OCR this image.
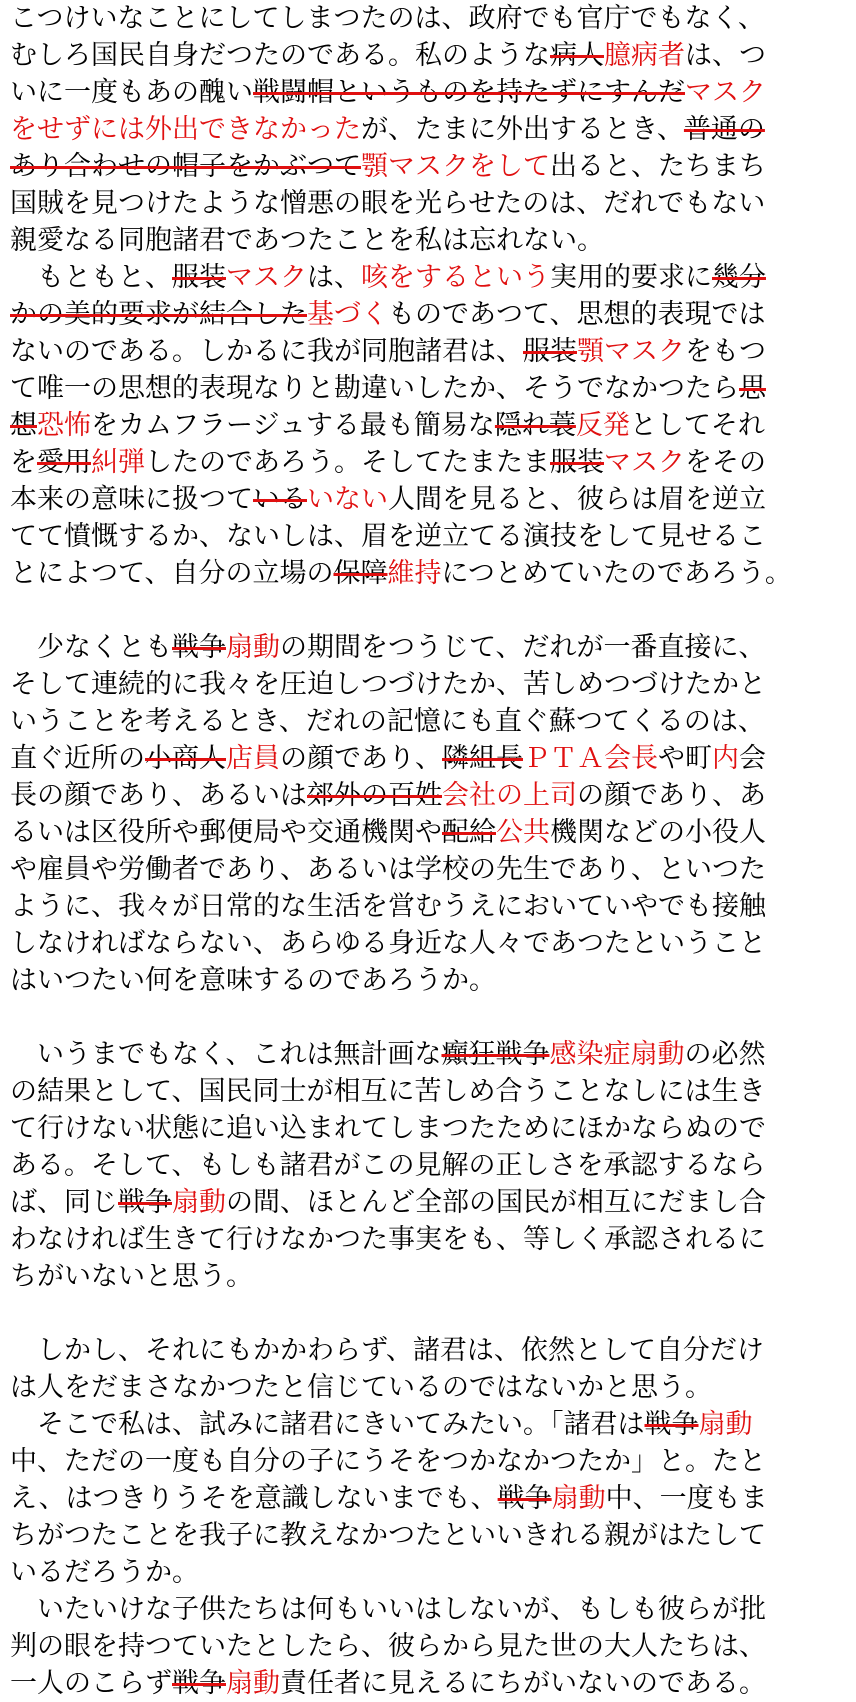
こつけいなことにしてしまつたのは、政府でも官庁でもなく、
むしろ国民自身だつたのである。私のような病人臆病者は、つ
いに一度もあの醜い戦闘帽というものを持たずにすんだマスク
をせずには外出できなかったが、たまに外出するとき、普通の
あり合わせの帽子をかぶつて顎マスクをして出ると、たちまち
国賊を見つけたような憎悪の眼を光らせたのは、だれでもない
親愛なる同胞諸君であつたことを私は忘れない。
　もともと、服装マスクは、咳をするという実用的要求に幾分
かの美的要求が結合した基づくものであつて、思想的表現では
ないのである。しかるに我が同胞諸君は、服装顎マスクをもつ
て唯一の思想的表現なりと勘違いしたか、そうでなかつたら思
想恐怖をカムフラージュする最も簡易な隠れ蓑反発としてそれ
を愛用糾弾したのであろう。そしてたまたま服装マスクをその
本来の意味に扱つているいない人間を見ると、彼らは眉を逆立
てて憤慨するか、ないしは、眉を逆立てる演技をして見せるこ
とによつて、自分の立場の保障維持につとめていたのであろう。
　少なくとも戦争扇動の期間をつうじて、だれが一番直接に、
そして連続的に我々を圧迫しつづけたか、苦しめつづけたかと
いうことを考えるとき、だれの記憶にも直ぐ蘇つてくるのは、
直ぐ近所の小商人店員の顔であり、隣組長ＰＴＡ会長や町内会
長の顔であり、あるいは郊外の百姓会社の上司の顔であり、あ
るいは区役所や郵便局や交通機関や配給公共機関などの小役人
や雇員や労働者であり、あるいは学校の先生であり、といつた
ように、我々が日常的な生活を営むうえにおいていやでも接触
しなければならない、あらゆる身近な人々であつたということ
はいつたい何を意味するのであろうか。
　いうまでもなく、これは無計画な癲狂戦争感染症扇動の必然
の結果として、国民同士が相互に苦しめ合うことなしには生き
て行けない状態に追い込まれてしまつたためにほかならぬので
ある。そして、もしも諸君がこの見解の正しさを承認するなら
ば、同じ戦争扇動の間、ほとんど全部の国民が相互にだまし合
わなければ生きて行けなかつた事実をも、等しく承認されるに
ちがいないと思う。
　しかし、それにもかかわらず、諸君は、依然として自分だけ
は人をだまさなかつたと信じているのではないかと思う。
　そこで私は、試みに諸君にきいてみたい。「諸君は戦争扇動
中、ただの一度も自分の子にうそをつかなかつたか」と。たと
え、はつきりうそを意識しないまでも、戦争扇動中、一度もま
ちがつたことを我子に教えなかつたといいきれる親がはたして
いるだろうか。
　いたいけな子供たちは何もいいはしないが、もしも彼らが批
判の眼を持つていたとしたら、彼らから見た世の大人たちは、
一人のこらず戦争扇動責任者に見えるにちがいないのである。
